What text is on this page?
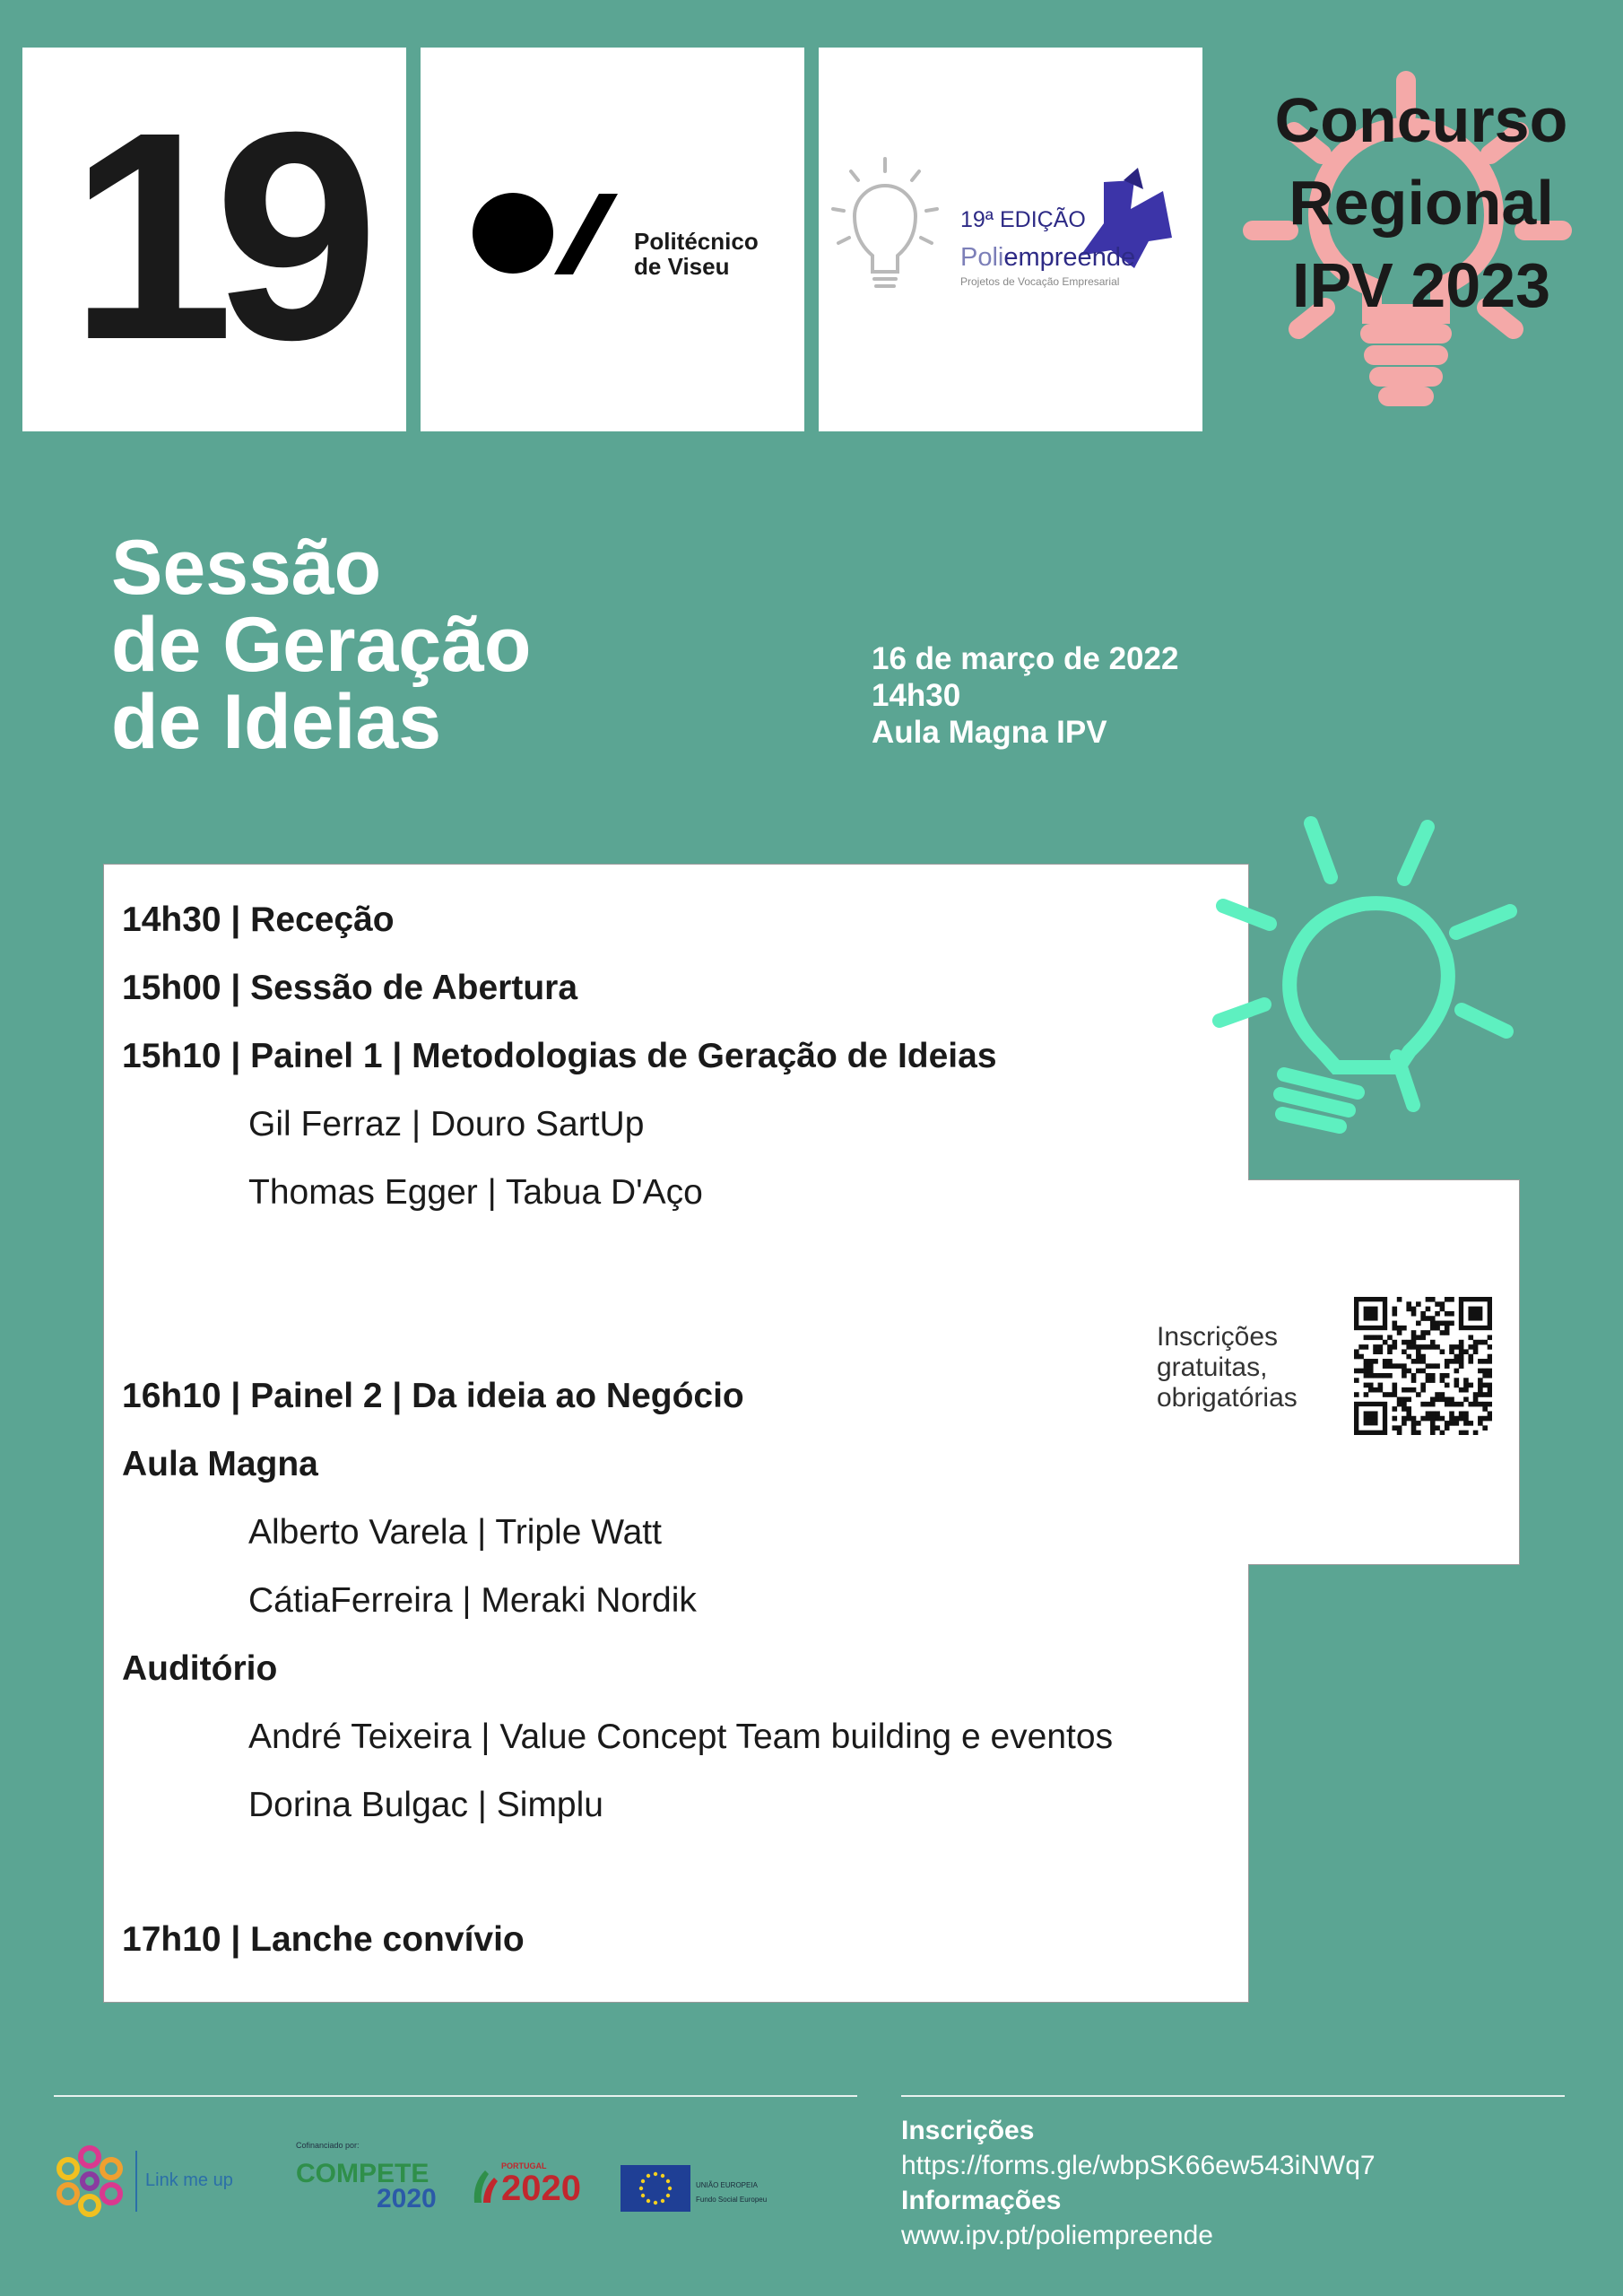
19	Politécnico
de Viseu
19ª EDIÇÃO
Poliempreende
Projetos de Vocação Empresarial
Concurso
Regional
IPV 2023
Sessão
de Geração
de Ideias
16 de março de 2022
14h30
Aula Magna IPV
14h30 | Receção
15h00 | Sessão de Abertura
15h10 | Painel 1 | Metodologias de Geração de Ideias
Gil Ferraz | Douro SartUp
Thomas Egger | Tabua D'Aço
16h10 | Painel 2 | Da ideia ao Negócio
Aula Magna
Alberto Varela | Triple Watt
CátiaFerreira | Meraki Nordik
Auditório
André Teixeira | Value Concept Team building e eventos
Dorina Bulgac | Simplu
17h10 | Lanche convívio
Inscrições
gratuitas,
obrigatórias
Link me up
Cofinanciado por:
COMPETE
2020
PORTUGAL
2020	UNIÃO EUROPEIA
Fundo Social Europeu
Inscrições
https://forms.gle/wbpSK66ew543iNWq7
Informações
www.ipv.pt/poliempreende
